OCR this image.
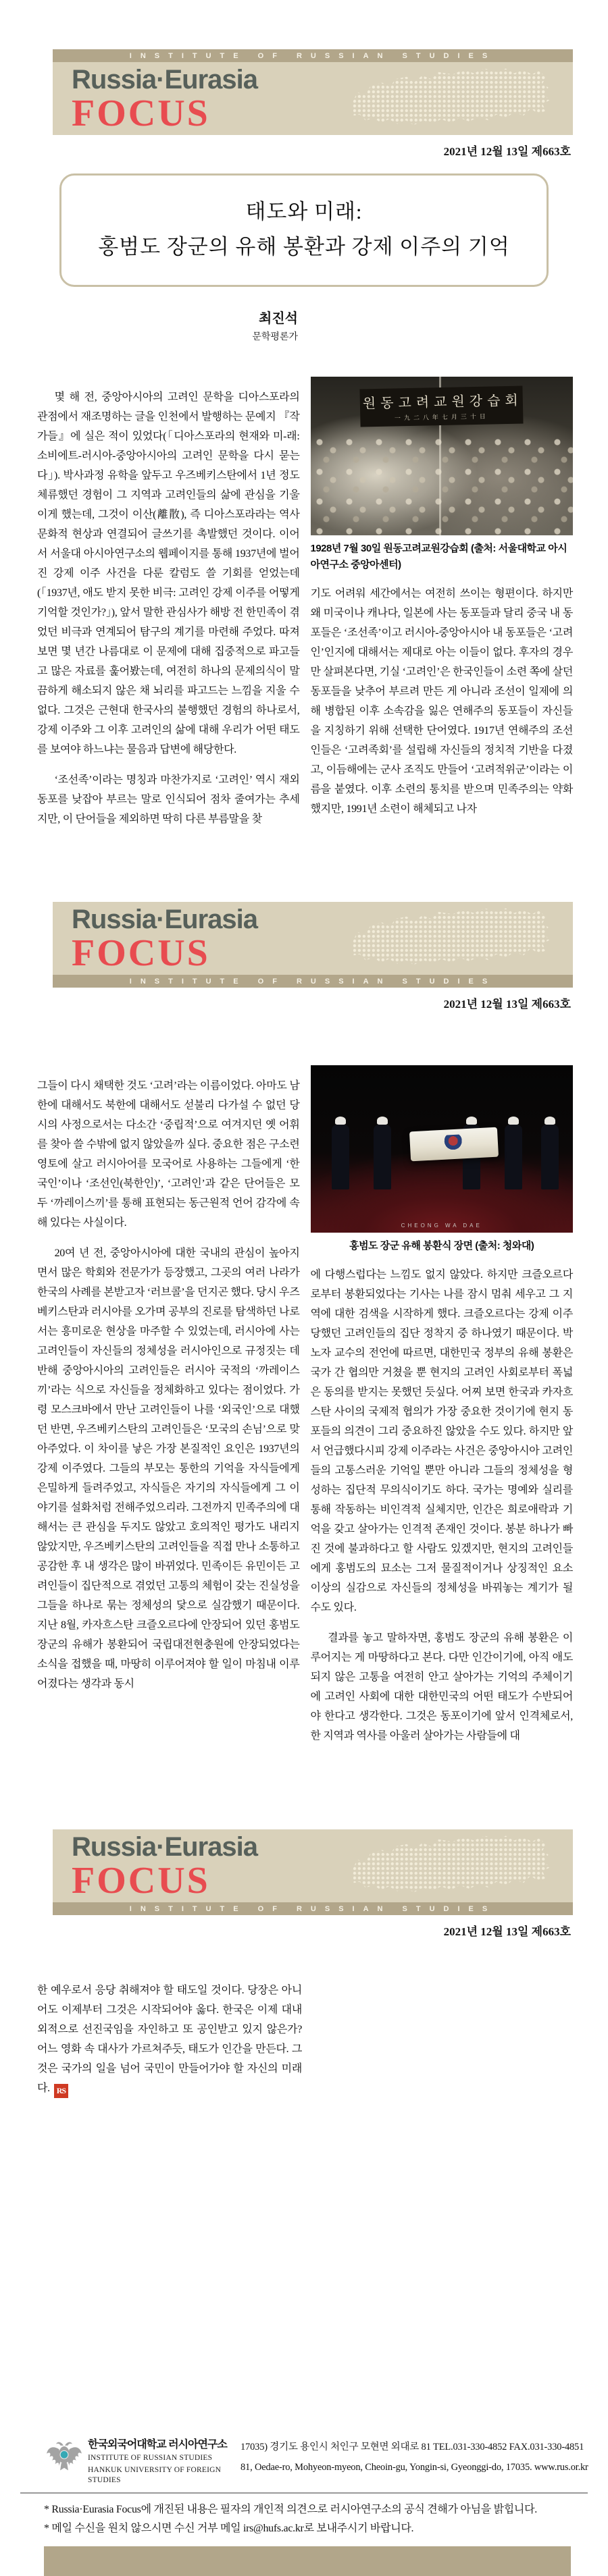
INSTITUTE OF RUSSIAN STUDIES
Russia·Eurasia
FOCUS
2021년 12월 13일 제663호
태도와 미래:
홍범도 장군의 유해 봉환과 강제 이주의 기억
최진석
문학평론가

몇 해 전, 중앙아시아의 고려인 문학을 디아스포라의 관점에서 재조명하는 글을 인천에서 발행하는 문예지 『작가들』에 실은 적이 있었다(「디아스포라의 현재와 미-래: 소비에트-러시아-중앙아시아의 고려인 문학을 다시 묻는다」). 박사과정 유학을 앞두고 우즈베키스탄에서 1년 정도 체류했던 경험이 그 지역과 고려인들의 삶에 관심을 기울이게 했는데, 그것이 이산(離散), 즉 디아스포라라는 역사문화적 현상과 연결되어 글쓰기를 촉발했던 것이다. 이어서 서울대 아시아연구소의 웹페이지를 통해 1937년에 벌어진 강제 이주 사건을 다룬 칼럼도 쓸 기회를 얻었는데(「1937년, 애도 받지 못한 비극: 고려인 강제 이주를 어떻게 기억할 것인가?」), 앞서 말한 관심사가 해방 전 한민족이 겪었던 비극과 연계되어 탐구의 계기를 마련해 주었다. 따져보면 몇 년간 나름대로 이 문제에 대해 집중적으로 파고들고 많은 자료를 훑어봤는데, 여전히 하나의 문제의식이 말끔하게 해소되지 않은 채 뇌리를 파고드는 느낌을 지울 수 없다. 그것은 근현대 한국사의 불행했던 경험의 하나로서, 강제 이주와 그 이후 고려인의 삶에 대해 우리가 어떤 태도를 보여야 하느냐는 물음과 답변에 해당한다.

‘조선족’이라는 명칭과 마찬가지로 ‘고려인’ 역시 재외동포를 낮잡아 부르는 말로 인식되어 점차 줄여가는 추세지만, 이 단어들을 제외하면 딱히 다른 부름말을 찾

원동고려교원강습회
一九二八年七月三十日

1928년 7월 30일 원동고려교원강습회 (출처: 서울대학교 아시아연구소 중앙아센터)

기도 어려워 세간에서는 여전히 쓰이는 형편이다. 하지만 왜 미국이나 캐나다, 일본에 사는 동포들과 달리 중국 내 동포들은 ‘조선족’이고 러시아-중앙아시아 내 동포들은 ‘고려인’인지에 대해서는 제대로 아는 이들이 없다. 후자의 경우만 살펴본다면, 기실 ‘고려인’은 한국인들이 소련 쪽에 살던 동포들을 낮추어 부르려 만든 게 아니라 조선이 일제에 의해 병합된 이후 소속감을 잃은 연해주의 동포들이 자신들을 지칭하기 위해 선택한 단어였다. 1917년 연해주의 조선인들은 ‘고려족회’를 설립해 자신들의 정치적 기반을 다졌고, 이듬해에는 군사 조직도 만들어 ‘고려적위군’이라는 이름을 붙였다. 이후 소련의 통치를 받으며 민족주의는 약화했지만, 1991년 소련이 해체되고 나자

Russia·Eurasia
FOCUS
INSTITUTE OF RUSSIAN STUDIES
2021년 12월 13일 제663호

그들이 다시 채택한 것도 ‘고려’라는 이름이었다. 아마도 남한에 대해서도 북한에 대해서도 섣불리 다가설 수 없던 당시의 사정으로서는 다소간 ‘중립적’으로 여겨지던 옛 어휘를 찾아 쓸 수밖에 없지 않았을까 싶다. 중요한 점은 구소련 영토에 살고 러시아어를 모국어로 사용하는 그들에게 ‘한국인’이나 ‘조선인(북한인)’, ‘고려인’과 같은 단어들은 모두 ‘까레이스끼’를 통해 표현되는 동근원적 언어 감각에 속해 있다는 사실이다.

20여 년 전, 중앙아시아에 대한 국내의 관심이 높아지면서 많은 학회와 전문가가 등장했고, 그곳의 여러 나라가 한국의 사례를 본받고자 ‘러브콜’을 던지곤 했다. 당시 우즈베키스탄과 러시아를 오가며 공부의 진로를 탐색하던 나로서는 흥미로운 현상을 마주할 수 있었는데, 러시아에 사는 고려인들이 자신들의 정체성을 러시아인으로 규정짓는 데 반해 중앙아시아의 고려인들은 러시아 국적의 ‘까레이스끼’라는 식으로 자신들을 정체화하고 있다는 점이었다. 가령 모스크바에서 만난 고려인들이 나를 ‘외국인’으로 대했던 반면, 우즈베키스탄의 고려인들은 ‘모국의 손님’으로 맞아주었다. 이 차이를 낳은 가장 본질적인 요인은 1937년의 강제 이주였다. 그들의 부모는 통한의 기억을 자식들에게 은밀하게 들려주었고, 자식들은 자기의 자식들에게 그 이야기를 설화처럼 전해주었으리라. 그전까지 민족주의에 대해서는 큰 관심을 두지도 않았고 호의적인 평가도 내리지 않았지만, 우즈베키스탄의 고려인들을 직접 만나 소통하고 공감한 후 내 생각은 많이 바뀌었다. 민족이든 유민이든 고려인들이 집단적으로 겪었던 고통의 체험이 갖는 진실성을 그들을 하나로 묶는 정체성의 닻으로 실감했기 때문이다. 지난 8월, 카자흐스탄 크즐오르다에 안장되어 있던 홍범도 장군의 유해가 봉환되어 국립대전현충원에 안장되었다는 소식을 접했을 때, 마땅히 이루어져야 할 일이 마침내 이루어졌다는 생각과 동시

CHEONG WA DAE

홍범도 장군 유해 봉환식 장면 (출처: 청와대)

에 다행스럽다는 느낌도 없지 않았다. 하지만 크즐오르다로부터 봉환되었다는 기사는 나를 잠시 멈춰 세우고 그 지역에 대한 검색을 시작하게 했다. 크즐오르다는 강제 이주당했던 고려인들의 집단 정착지 중 하나였기 때문이다. 박노자 교수의 전언에 따르면, 대한민국 정부의 유해 봉환은 국가 간 협의만 거쳤을 뿐 현지의 고려인 사회로부터 폭넓은 동의를 받지는 못했던 듯싶다. 어찌 보면 한국과 카자흐스탄 사이의 국제적 협의가 가장 중요한 것이기에 현지 동포들의 의견이 그리 중요하진 않았을 수도 있다. 하지만 앞서 언급했다시피 강제 이주라는 사건은 중앙아시아 고려인들의 고통스러운 기억일 뿐만 아니라 그들의 정체성을 형성하는 집단적 무의식이기도 하다. 국가는 명예와 실리를 통해 작동하는 비인격적 실체지만, 인간은 희로애락과 기억을 갖고 살아가는 인격적 존재인 것이다. 봉분 하나가 빠진 것에 불과하다고 할 사람도 있겠지만, 현지의 고려인들에게 홍범도의 묘소는 그저 물질적이거나 상징적인 요소 이상의 실감으로 자신들의 정체성을 바꿔놓는 계기가 될 수도 있다.

결과를 놓고 말하자면, 홍범도 장군의 유해 봉환은 이루어지는 게 마땅하다고 본다. 다만 인간이기에, 아직 애도 되지 않은 고통을 여전히 안고 살아가는 기억의 주체이기에 고려인 사회에 대한 대한민국의 어떤 태도가 수반되어야 한다고 생각한다. 그것은 동포이기에 앞서 인격체로서, 한 지역과 역사를 아울러 살아가는 사람들에 대

Russia·Eurasia
FOCUS
INSTITUTE OF RUSSIAN STUDIES
2021년 12월 13일 제663호

한 예우로서 응당 취해져야 할 태도일 것이다. 당장은 아니어도 이제부터 그것은 시작되어야 옳다. 한국은 이제 대내외적으로 선진국임을 자인하고 또 공인받고 있지 않은가? 어느 영화 속 대사가 가르쳐주듯, 태도가 인간을 만든다. 그것은 국가의 일을 넘어 국민이 만들어가야 할 자신의 미래다. RS

한국외국어대학교 러시아연구소
INSTITUTE OF RUSSIAN STUDIES
HANKUK UNIVERSITY OF FOREIGN STUDIES
17035) 경기도 용인시 처인구 모현면 외대로 81 TEL.031-330-4852 FAX.031-330-4851
81, Oedae-ro, Mohyeon-myeon, Cheoin-gu, Yongin-si, Gyeonggi-do, 17035. www.rus.or.kr
* Russia·Eurasia Focus에 개진된 내용은 필자의 개인적 의견으로 러시아연구소의 공식 견해가 아님을 밝힙니다.
* 메일 수신을 원치 않으시면 수신 거부 메일 irs@hufs.ac.kr로 보내주시기 바랍니다.
